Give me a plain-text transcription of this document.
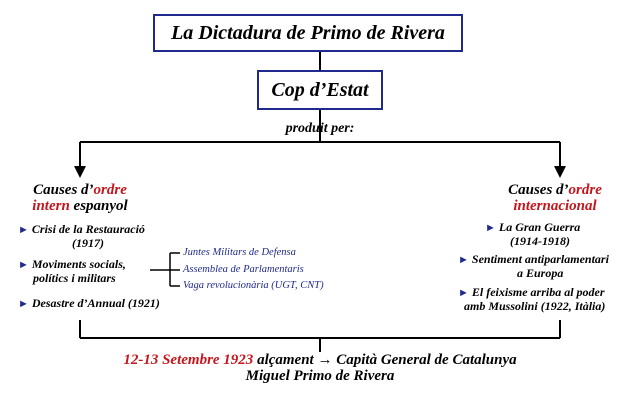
La Dictadura de Primo de Rivera
Cop d’Estat
produit per:
Causes d’ordre
intern espanyol
► Crisi de la Restauració
(1917)
► Moviments socials,
polítics i militars
► Desastre d’Annual (1921)
Juntes Militars de Defensa
Assemblea de Parlamentaris
Vaga revolucionària (UGT, CNT)
Causes d’ordre
internacional
► La Gran Guerra
(1914-1918)
► Sentiment antiparlamentari
a Europa
► El feixisme arriba al poder
amb Mussolini (1922, Itàlia)
12-13 Setembre 1923 alçament → Capità General de Catalunya
Miguel Primo de Rivera
